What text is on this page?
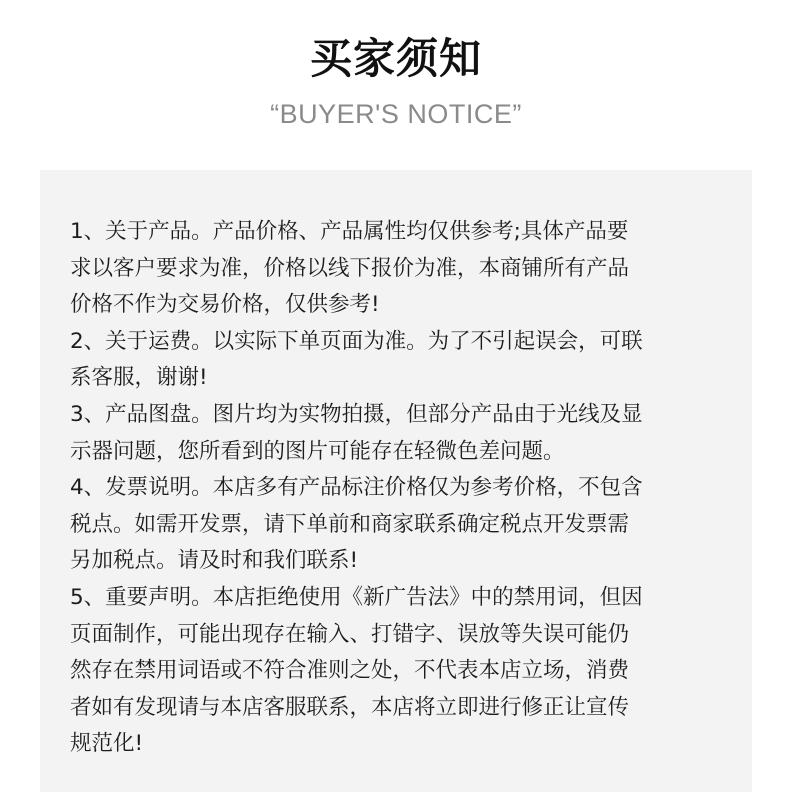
买家须知
“BUYER'S NOTICE”
1、关于产品。产品价格、产品属性均仅供参考;具体产品要
求以客户要求为准，价格以线下报价为准，本商铺所有产品
价格不作为交易价格，仅供参考!
2、关于运费。以实际下单页面为准。为了不引起误会，可联
系客服，谢谢!
3、产品图盘。图片均为实物拍摄，但部分产品由于光线及显
示器问题，您所看到的图片可能存在轻微色差问题。
4、发票说明。本店多有产品标注价格仅为参考价格，不包含
税点。如需开发票，请下单前和商家联系确定税点开发票需
另加税点。请及时和我们联系!
5、重要声明。本店拒绝使用《新广告法》中的禁用词，但因
页面制作，可能出现存在输入、打错字、误放等失误可能仍
然存在禁用词语或不符合准则之处，不代表本店立场，消费
者如有发现请与本店客服联系，本店将立即进行修正让宣传
规范化!
